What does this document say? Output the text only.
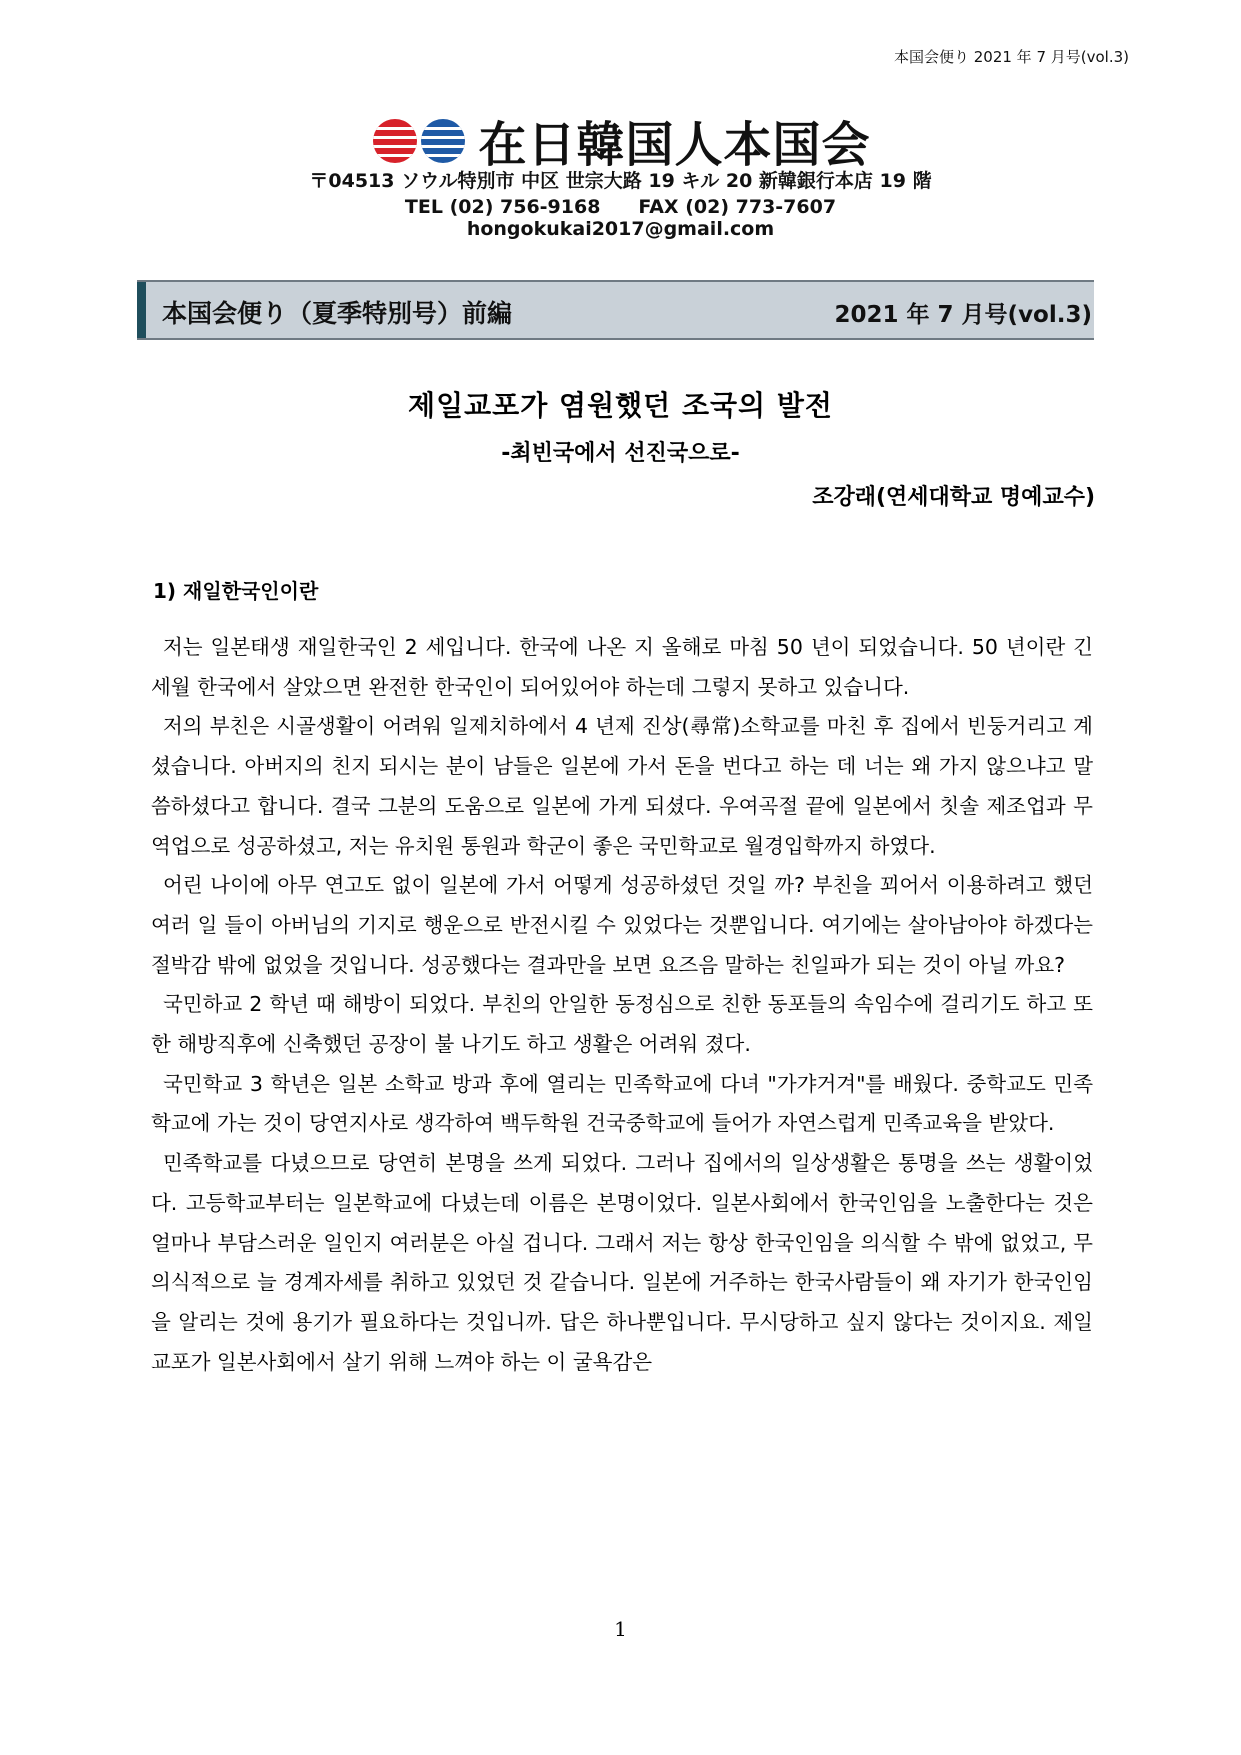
本国会便り 2021 年 7 月号(vol.3)
在日韓国人本国会
〒04513 ソウル特別市 中区 世宗大路 19 キル 20 新韓銀行本店 19 階
TEL (02) 756-9168　　FAX (02) 773-7607
hongokukai2017@gmail.com
本国会便り（夏季特別号）前編	2021 年 7 月号(vol.3)
제일교포가 염원했던 조국의 발전
-최빈국에서 선진국으로-
조강래(연세대학교 명예교수)
1) 재일한국인이란

저는 일본태생 재일한국인 2 세입니다. 한국에 나온 지 올해로 마침 50 년이 되었습니다. 50 년이란 긴 세월 한국에서 살았으면 완전한 한국인이 되어있어야 하는데 그렇지 못하고 있습니다.

저의 부친은 시골생활이 어려워 일제치하에서 4 년제 진상(尋常)소학교를 마친 후 집에서 빈둥거리고 계셨습니다. 아버지의 친지 되시는 분이 남들은 일본에 가서 돈을 번다고 하는 데 너는 왜 가지 않으냐고 말씀하셨다고 합니다. 결국 그분의 도움으로 일본에 가게 되셨다. 우여곡절 끝에 일본에서 칫솔 제조업과 무역업으로 성공하셨고, 저는 유치원 통원과 학군이 좋은 국민학교로 월경입학까지 하였다.

어린 나이에 아무 연고도 없이 일본에 가서 어떻게 성공하셨던 것일 까? 부친을 꾀어서 이용하려고 했던 여러 일 들이 아버님의 기지로 행운으로 반전시킬 수 있었다는 것뿐입니다. 여기에는 살아남아야 하겠다는 절박감 밖에 없었을 것입니다. 성공했다는 결과만을 보면 요즈음 말하는 친일파가 되는 것이 아닐 까요?

국민하교 2 학년 때 해방이 되었다. 부친의 안일한 동정심으로 친한 동포들의 속임수에 걸리기도 하고 또한 해방직후에 신축했던 공장이 불 나기도 하고 생활은 어려워 졌다.

국민학교 3 학년은 일본 소학교 방과 후에 열리는 민족학교에 다녀 "가갸거겨"를 배웠다. 중학교도 민족학교에 가는 것이 당연지사로 생각하여 백두학원 건국중학교에 들어가 자연스럽게 민족교육을 받았다.

민족학교를 다녔으므로 당연히 본명을 쓰게 되었다. 그러나 집에서의 일상생활은 통명을 쓰는 생활이었다. 고등학교부터는 일본학교에 다녔는데 이름은 본명이었다. 일본사회에서 한국인임을 노출한다는 것은 얼마나 부담스러운 일인지 여러분은 아실 겁니다. 그래서 저는 항상 한국인임을 의식할 수 밖에 없었고, 무의식적으로 늘 경계자세를 취하고 있었던 것 같습니다. 일본에 거주하는 한국사람들이 왜 자기가 한국인임을 알리는 것에 용기가 필요하다는 것입니까. 답은 하나뿐입니다. 무시당하고 싶지 않다는 것이지요. 제일교포가 일본사회에서 살기 위해 느껴야 하는 이 굴욕감은

1
